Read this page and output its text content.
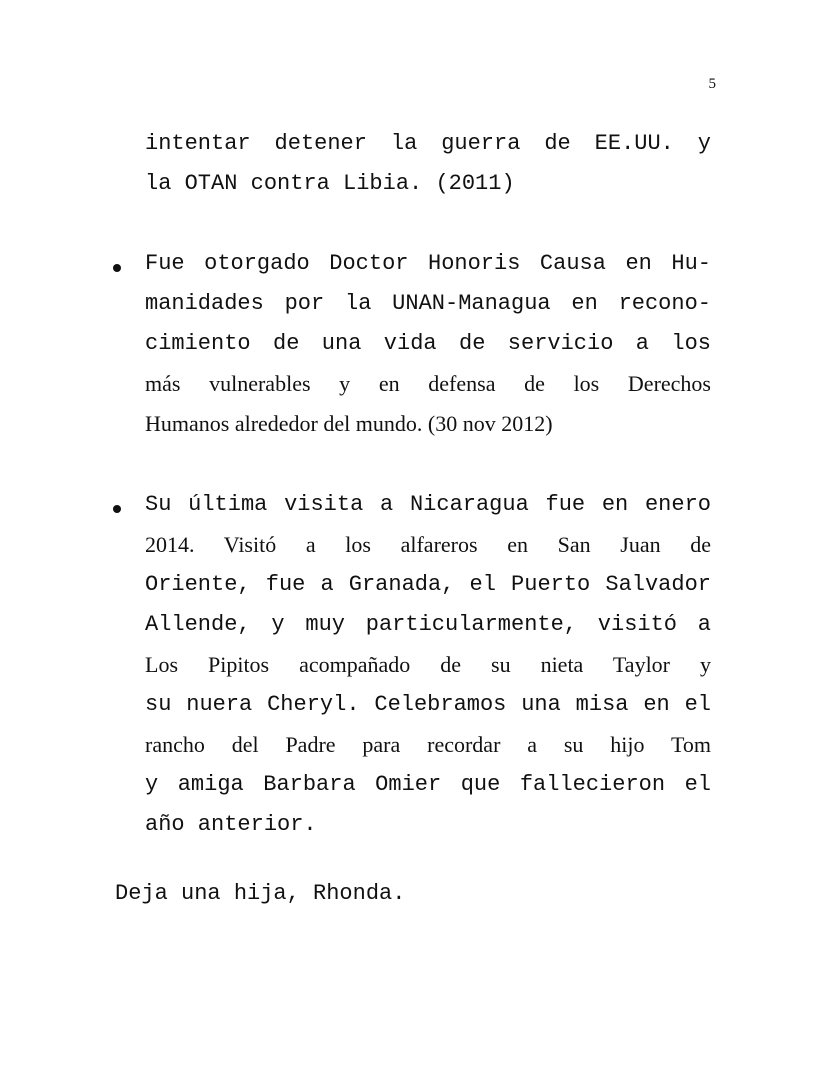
5
intentar detener la guerra de EE.UU. y
la OTAN contra Libia. (2011)
Fue otorgado Doctor Honoris Causa en Hu-
manidades por la UNAN-Managua en recono-
cimiento de una vida de servicio a los
más vulnerables y en defensa de los Derechos
Humanos alrededor del mundo. (30 nov 2012)
Su última visita a Nicaragua fue en enero
2014. Visitó a los alfareros en San Juan de
Oriente, fue a Granada, el Puerto Salvador
Allende, y muy particularmente, visitó a
Los Pipitos acompañado de su nieta Taylor y
su nuera Cheryl. Celebramos una misa en el
rancho del Padre para recordar a su hijo Tom
y amiga Barbara Omier que fallecieron el
año anterior.
Deja una hija, Rhonda.
